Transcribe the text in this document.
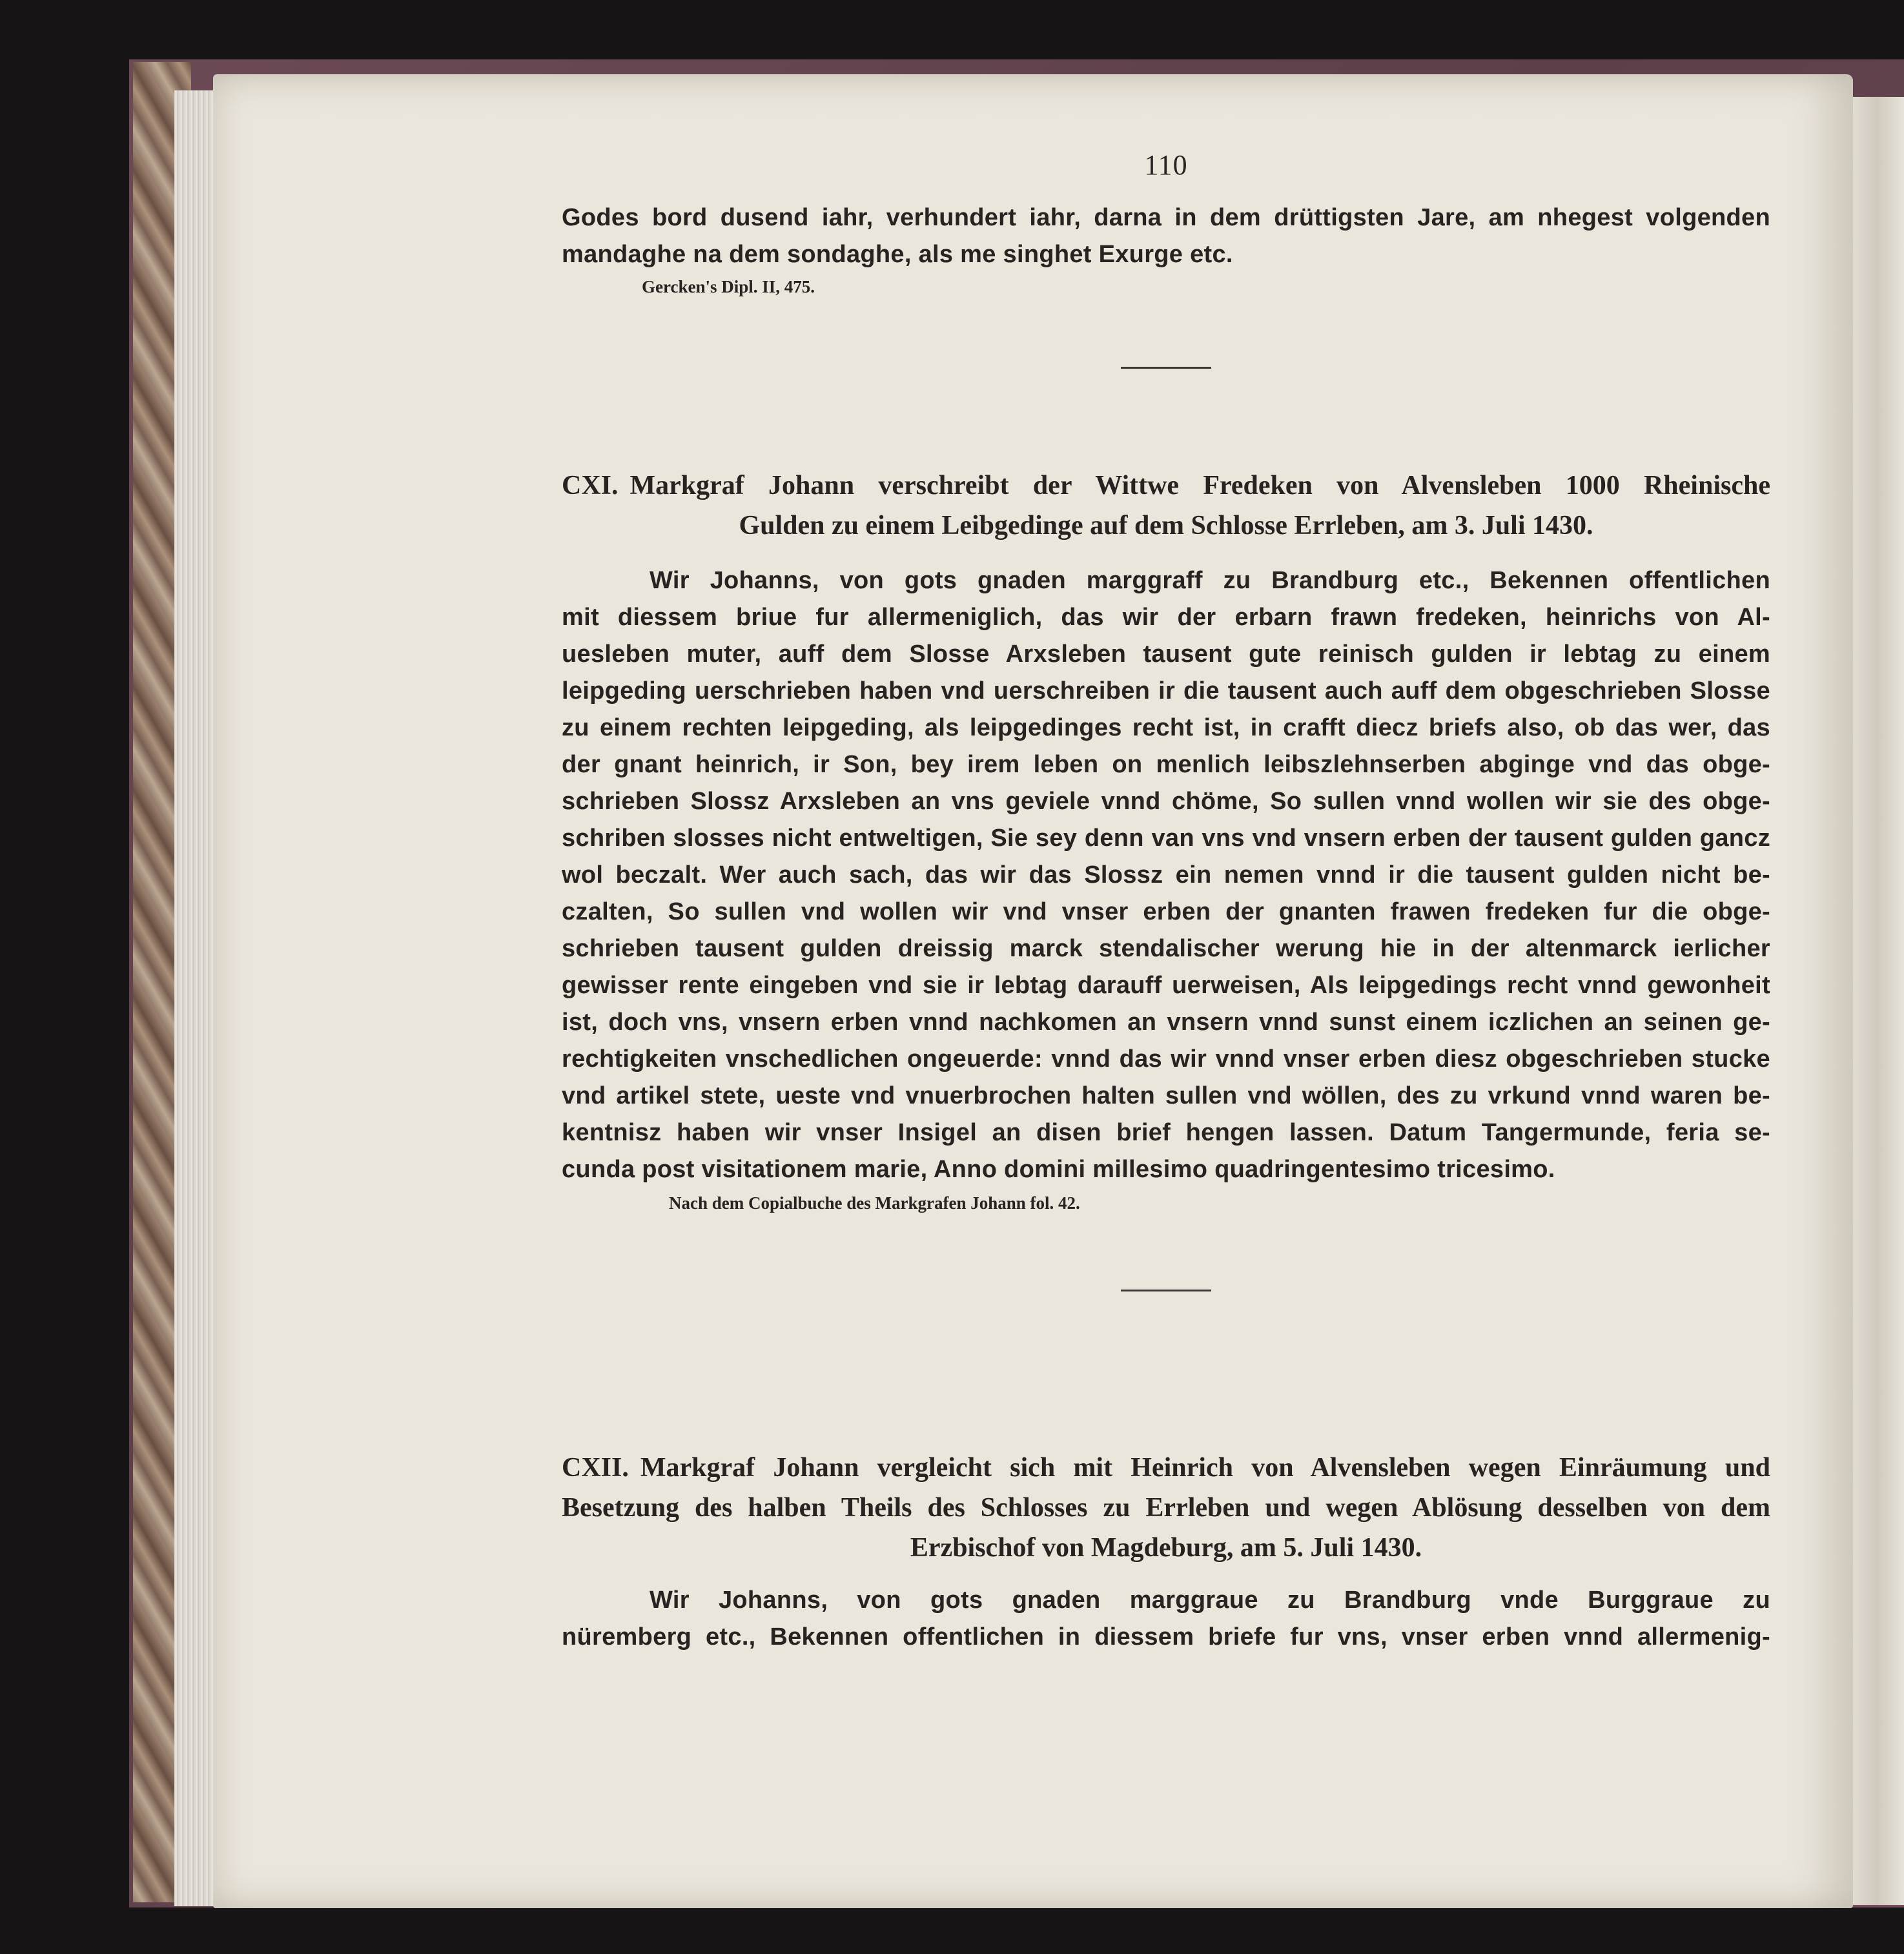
110

Godes bord dusend iahr, verhundert iahr, darna in dem drüttigsten Jare, am nhegest volgenden

mandaghe na dem sondaghe, als me singhet Exurge etc.

Gercken's Dipl. II, 475.

CXI. Markgraf Johann verschreibt der Wittwe Fredeken von Alvensleben 1000 Rheinische

Gulden zu einem Leibgedinge auf dem Schlosse Errleben, am 3. Juli 1430.

Wir Johanns, von gots gnaden marggraff zu Brandburg etc., Bekennen offentlichen

mit diessem briue fur allermeniglich, das wir der erbarn frawn fredeken, heinrichs von Al-

uesleben muter, auff dem Slosse Arxsleben tausent gute reinisch gulden ir lebtag zu einem

leipgeding uerschrieben haben vnd uerschreiben ir die tausent auch auff dem obgeschrieben Slosse

zu einem rechten leipgeding, als leipgedinges recht ist, in crafft diecz briefs also, ob das wer, das

der gnant heinrich, ir Son, bey irem leben on menlich leibszlehnserben abginge vnd das obge-

schrieben Slossz Arxsleben an vns geviele vnnd chöme, So sullen vnnd wollen wir sie des obge-

schriben slosses nicht entweltigen, Sie sey denn van vns vnd vnsern erben der tausent gulden gancz

wol beczalt. Wer auch sach, das wir das Slossz ein nemen vnnd ir die tausent gulden nicht be-

czalten, So sullen vnd wollen wir vnd vnser erben der gnanten frawen fredeken fur die obge-

schrieben tausent gulden dreissig marck stendalischer werung hie in der altenmarck ierlicher

gewisser rente eingeben vnd sie ir lebtag darauff uerweisen, Als leipgedings recht vnnd gewonheit

ist, doch vns, vnsern erben vnnd nachkomen an vnsern vnnd sunst einem iczlichen an seinen ge-

rechtigkeiten vnschedlichen ongeuerde: vnnd das wir vnnd vnser erben diesz obgeschrieben stucke

vnd artikel stete, ueste vnd vnuerbrochen halten sullen vnd wöllen, des zu vrkund vnnd waren be-

kentnisz haben wir vnser Insigel an disen brief hengen lassen. Datum Tangermunde, feria se-

cunda post visitationem marie, Anno domini millesimo quadringentesimo tricesimo.

Nach dem Copialbuche des Markgrafen Johann fol. 42.

CXII. Markgraf Johann vergleicht sich mit Heinrich von Alvensleben wegen Einräumung und

Besetzung des halben Theils des Schlosses zu Errleben und wegen Ablösung desselben von dem

Erzbischof von Magdeburg, am 5. Juli 1430.

Wir Johanns, von gots gnaden marggraue zu Brandburg vnde Burggraue zu

nüremberg etc., Bekennen offentlichen in diessem briefe fur vns, vnser erben vnnd allermenig-
